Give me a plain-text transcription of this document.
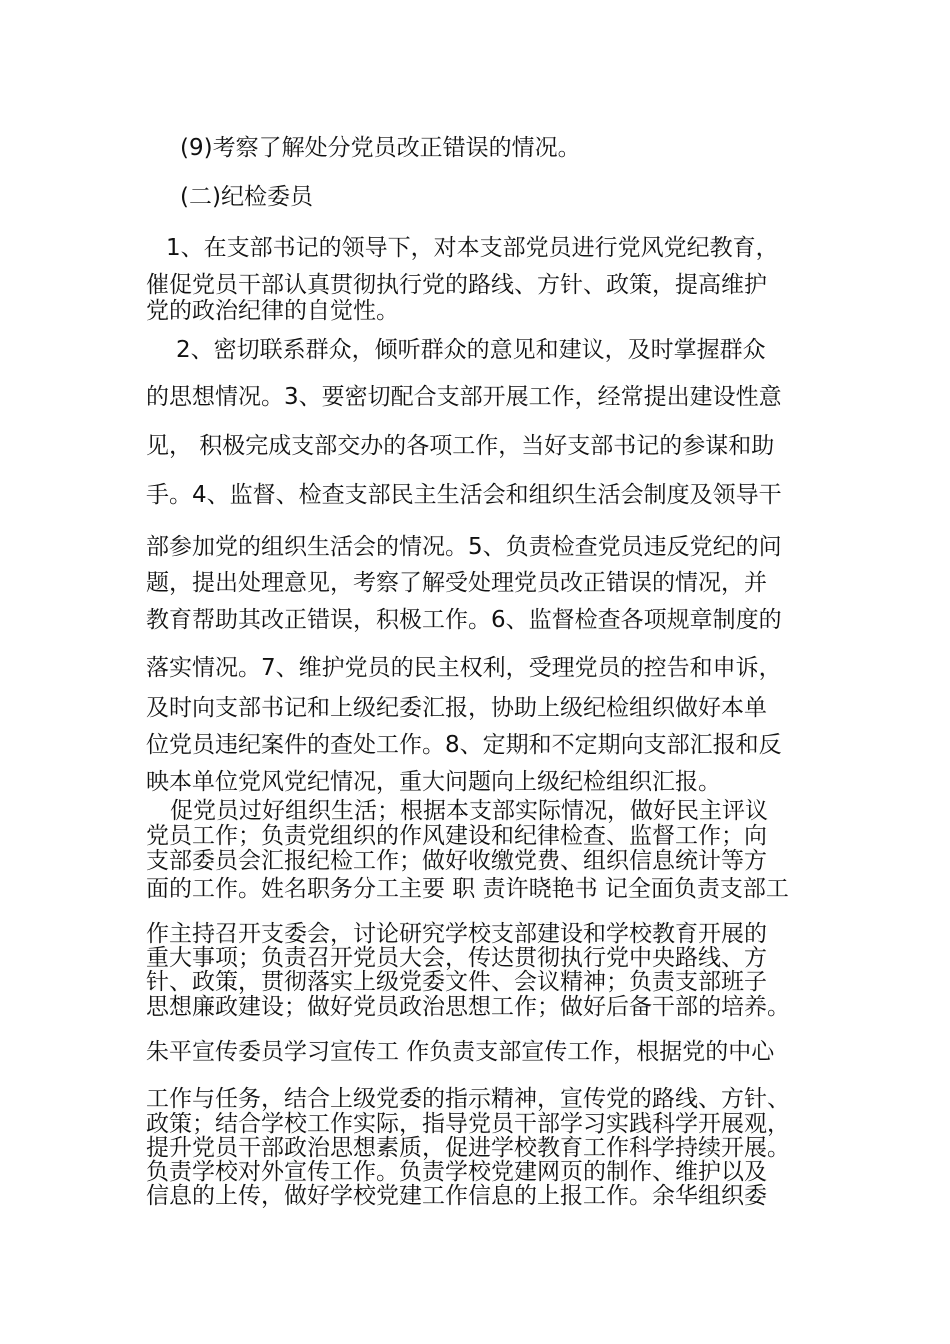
(9)考察了解处分党员改正错误的情况。
(二)纪检委员
1、在支部书记的领导下，对本支部党员进行党风党纪教育，
催促党员干部认真贯彻执行党的路线、方针、政策，提高维护
党的政治纪律的自觉性。
2、密切联系群众，倾听群众的意见和建议，及时掌握群众
的思想情况。3、要密切配合支部开展工作，经常提出建设性意
见， 积极完成支部交办的各项工作，当好支部书记的参谋和助
手。4、监督、检查支部民主生活会和组织生活会制度及领导干
部参加党的组织生活会的情况。5、负责检查党员违反党纪的问
题，提出处理意见，考察了解受处理党员改正错误的情况，并
教育帮助其改正错误，积极工作。6、监督检查各项规章制度的
落实情况。7、维护党员的民主权利，受理党员的控告和申诉，
及时向支部书记和上级纪委汇报，协助上级纪检组织做好本单
位党员违纪案件的查处工作。8、定期和不定期向支部汇报和反
映本单位党风党纪情况，重大问题向上级纪检组织汇报。
促党员过好组织生活；根据本支部实际情况，做好民主评议
党员工作；负责党组织的作风建设和纪律检查、监督工作；向
支部委员会汇报纪检工作；做好收缴党费、组织信息统计等方
面的工作。姓名职务分工主要 职 责许晓艳书 记全面负责支部工
作主持召开支委会，讨论研究学校支部建设和学校教育开展的
重大事项；负责召开党员大会，传达贯彻执行党中央路线、方
针、政策，贯彻落实上级党委文件、会议精神；负责支部班子
思想廉政建设；做好党员政治思想工作；做好后备干部的培养。
朱平宣传委员学习宣传工 作负责支部宣传工作，根据党的中心
工作与任务，结合上级党委的指示精神，宣传党的路线、方针、
政策；结合学校工作实际，指导党员干部学习实践科学开展观，
提升党员干部政治思想素质，促进学校教育工作科学持续开展。
负责学校对外宣传工作。负责学校党建网页的制作、维护以及
信息的上传，做好学校党建工作信息的上报工作。余华组织委
